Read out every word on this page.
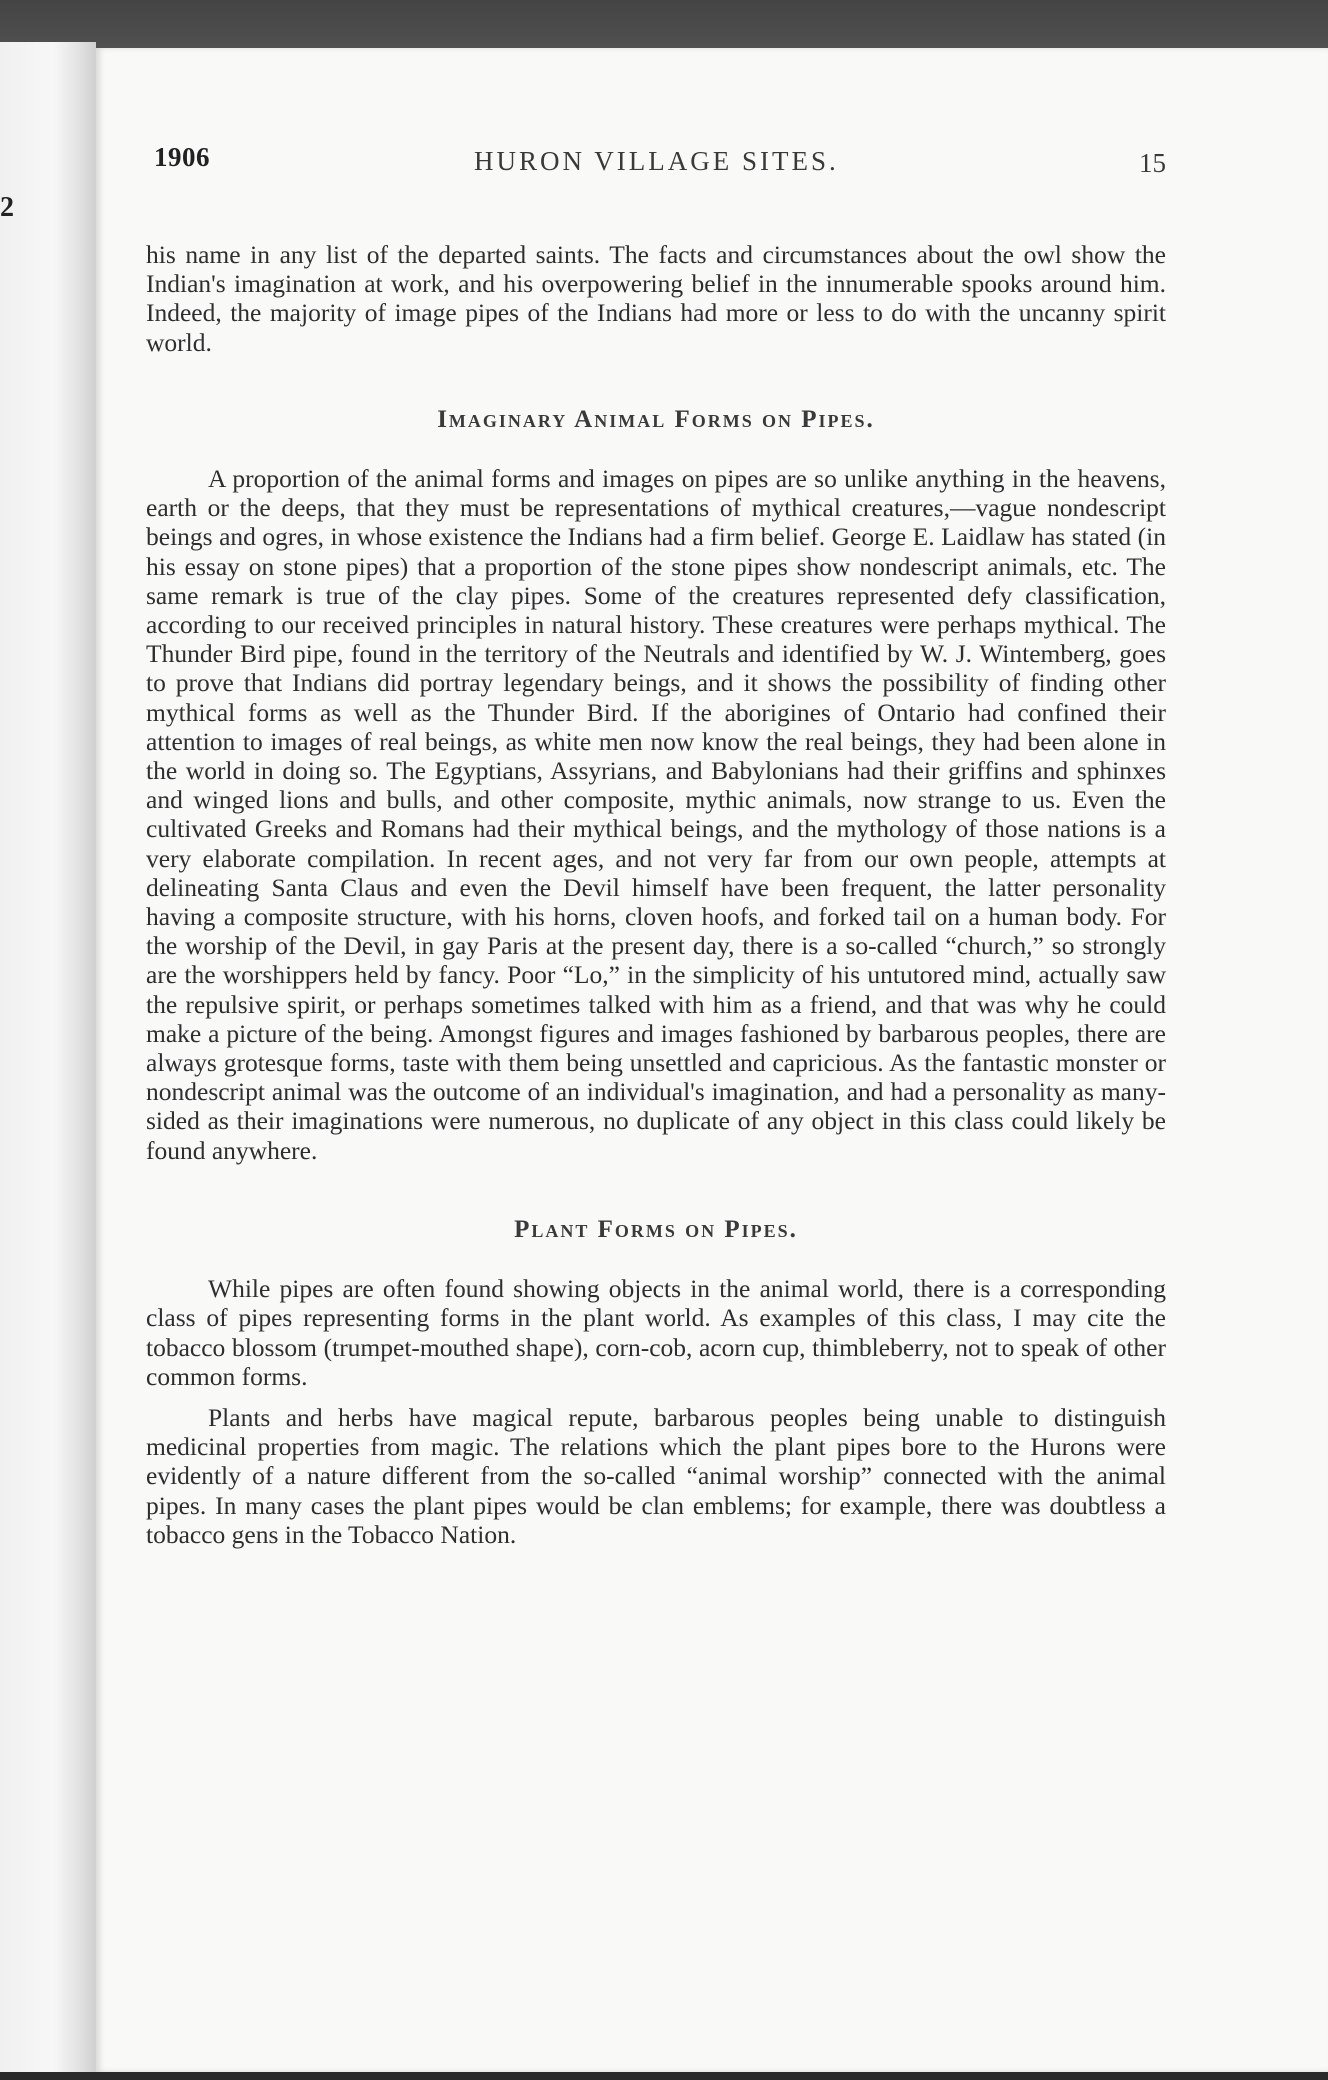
2
1906	HURON VILLAGE SITES.	15

his name in any list of the departed saints. The facts and circumstances about the owl show the Indian's imagination at work, and his overpowering belief in the innumerable spooks around him. Indeed, the majority of image pipes of the Indians had more or less to do with the uncanny spirit world.

Imaginary Animal Forms on Pipes.

A proportion of the animal forms and images on pipes are so unlike anything in the heavens, earth or the deeps, that they must be representations of mythical creatures,—vague nondescript beings and ogres, in whose existence the Indians had a firm belief. George E. Laidlaw has stated (in his essay on stone pipes) that a proportion of the stone pipes show nondescript animals, etc. The same remark is true of the clay pipes. Some of the creatures represented defy classification, according to our received principles in natural history. These creatures were perhaps mythical. The Thunder Bird pipe, found in the territory of the Neutrals and identified by W. J. Wintemberg, goes to prove that Indians did portray legendary beings, and it shows the possibility of finding other mythical forms as well as the Thunder Bird. If the aborigines of Ontario had confined their attention to images of real beings, as white men now know the real beings, they had been alone in the world in doing so. The Egyptians, Assyrians, and Babylonians had their griffins and sphinxes and winged lions and bulls, and other composite, mythic animals, now strange to us. Even the cultivated Greeks and Romans had their mythical beings, and the mythology of those nations is a very elaborate compilation. In recent ages, and not very far from our own people, attempts at delineating Santa Claus and even the Devil himself have been frequent, the latter personality having a composite structure, with his horns, cloven hoofs, and forked tail on a human body. For the worship of the Devil, in gay Paris at the present day, there is a so-called “church,” so strongly are the worshippers held by fancy. Poor “Lo,” in the simplicity of his untutored mind, actually saw the repulsive spirit, or perhaps sometimes talked with him as a friend, and that was why he could make a picture of the being. Amongst figures and images fashioned by barbarous peoples, there are always grotesque forms, taste with them being unsettled and capricious. As the fantastic monster or nondescript animal was the outcome of an individual's imagination, and had a personality as many-sided as their imaginations were numerous, no duplicate of any object in this class could likely be found anywhere.

Plant Forms on Pipes.

While pipes are often found showing objects in the animal world, there is a corresponding class of pipes representing forms in the plant world. As examples of this class, I may cite the tobacco blossom (trumpet-mouthed shape), corn-cob, acorn cup, thimbleberry, not to speak of other common forms.

Plants and herbs have magical repute, barbarous peoples being unable to distinguish medicinal properties from magic. The relations which the plant pipes bore to the Hurons were evidently of a nature different from the so-called “animal worship” connected with the animal pipes. In many cases the plant pipes would be clan emblems; for example, there was doubtless a tobacco gens in the Tobacco Nation.
